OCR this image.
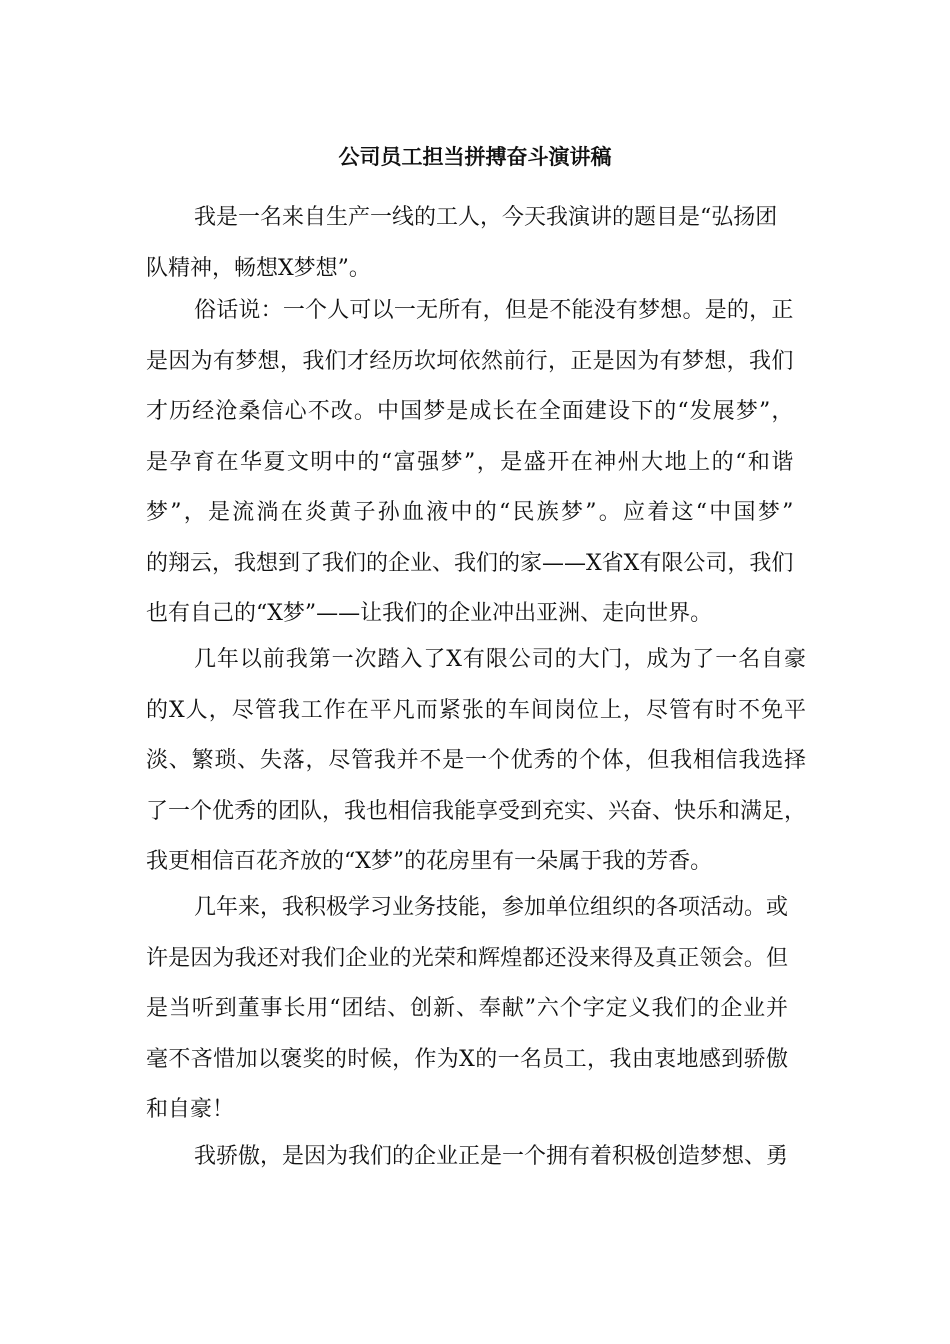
公司员工担当拼搏奋斗演讲稿

我是一名来自生产一线的工人，今天我演讲的题目是“弘扬团
队精神，畅想X梦想”。

俗话说：一个人可以一无所有，但是不能没有梦想。是的，正
是因为有梦想，我们才经历坎坷依然前行，正是因为有梦想，我们
才历经沧桑信心不改。中国梦是成长在全面建设下的“发展梦”，
是孕育在华夏文明中的“富强梦”，是盛开在神州大地上的“和谐
梦”，是流淌在炎黄子孙血液中的“民族梦”。应着这“中国梦”
的翔云，我想到了我们的企业、我们的家——X省X有限公司，我们
也有自己的“X梦”——让我们的企业冲出亚洲、走向世界。

几年以前我第一次踏入了X有限公司的大门，成为了一名自豪
的X人，尽管我工作在平凡而紧张的车间岗位上，尽管有时不免平
淡、繁琐、失落，尽管我并不是一个优秀的个体，但我相信我选择
了一个优秀的团队，我也相信我能享受到充实、兴奋、快乐和满足，
我更相信百花齐放的“X梦”的花房里有一朵属于我的芳香。

几年来，我积极学习业务技能，参加单位组织的各项活动。或
许是因为我还对我们企业的光荣和辉煌都还没来得及真正领会。但
是当听到董事长用“团结、创新、奉献”六个字定义我们的企业并
毫不吝惜加以褒奖的时候，作为X的一名员工，我由衷地感到骄傲
和自豪！

我骄傲，是因为我们的企业正是一个拥有着积极创造梦想、勇
